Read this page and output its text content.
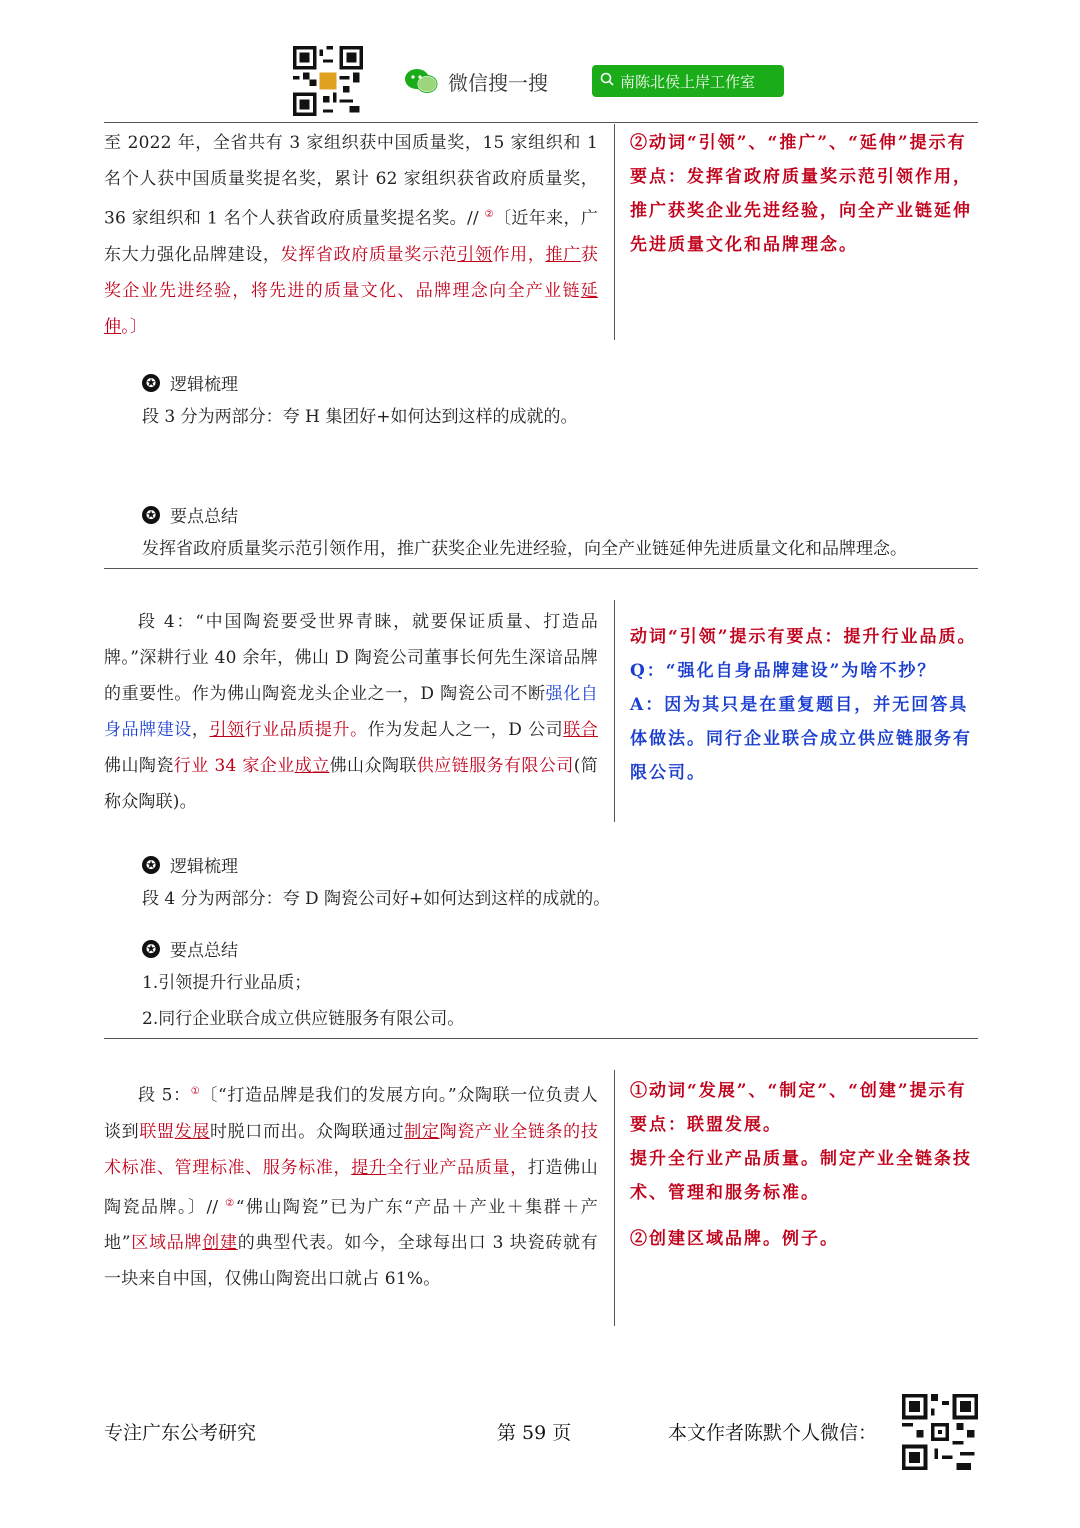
微信搜一搜	南陈北侯上岸工作室
至 2022 年，全省共有 3 家组织获中国质量奖，15 家组织和 1 名个人获中国质量奖提名奖，累计 62 家组织获省政府质量奖，36 家组织和 1 名个人获省政府质量奖提名奖。// ②〔近年来，广东大力强化品牌建设，发挥省政府质量奖示范引领作用，推广获奖企业先进经验，将先进的质量文化、品牌理念向全产业链延伸。〕
②动词“引领”、“推广”、“延伸”提示有要点：发挥省政府质量奖示范引领作用，推广获奖企业先进经验，向全产业链延伸先进质量文化和品牌理念。
✪ 逻辑梳理
段 3 分为两部分：夸 H 集团好+如何达到这样的成就的。
✪ 要点总结
发挥省政府质量奖示范引领作用，推广获奖企业先进经验，向全产业链延伸先进质量文化和品牌理念。
段 4：“中国陶瓷要受世界青睐，就要保证质量、打造品牌。”深耕行业 40 余年，佛山 D 陶瓷公司董事长何先生深谙品牌的重要性。作为佛山陶瓷龙头企业之一，D 陶瓷公司不断强化自身品牌建设，引领行业品质提升。作为发起人之一，D 公司联合佛山陶瓷行业 34 家企业成立佛山众陶联供应链服务有限公司(简称众陶联)。
动词“引领”提示有要点：提升行业品质。
Q：“强化自身品牌建设”为啥不抄？
A：因为其只是在重复题目，并无回答具体做法。同行企业联合成立供应链服务有限公司。
✪ 逻辑梳理
段 4 分为两部分：夸 D 陶瓷公司好+如何达到这样的成就的。
✪ 要点总结
1.引领提升行业品质；
2.同行企业联合成立供应链服务有限公司。
段 5：①〔“打造品牌是我们的发展方向。”众陶联一位负责人谈到联盟发展时脱口而出。众陶联通过制定陶瓷产业全链条的技术标准、管理标准、服务标准，提升全行业产品质量，打造佛山陶瓷品牌。〕// ②“佛山陶瓷”已为广东“产品＋产业＋集群＋产地”区域品牌创建的典型代表。如今，全球每出口 3 块瓷砖就有一块来自中国，仅佛山陶瓷出口就占 61%。
①动词“发展”、“制定”、“创建”提示有要点：联盟发展。
提升全行业产品质量。制定产业全链条技术、管理和服务标准。
②创建区域品牌。例子。
专注广东公考研究	第 59 页	本文作者陈默个人微信：
